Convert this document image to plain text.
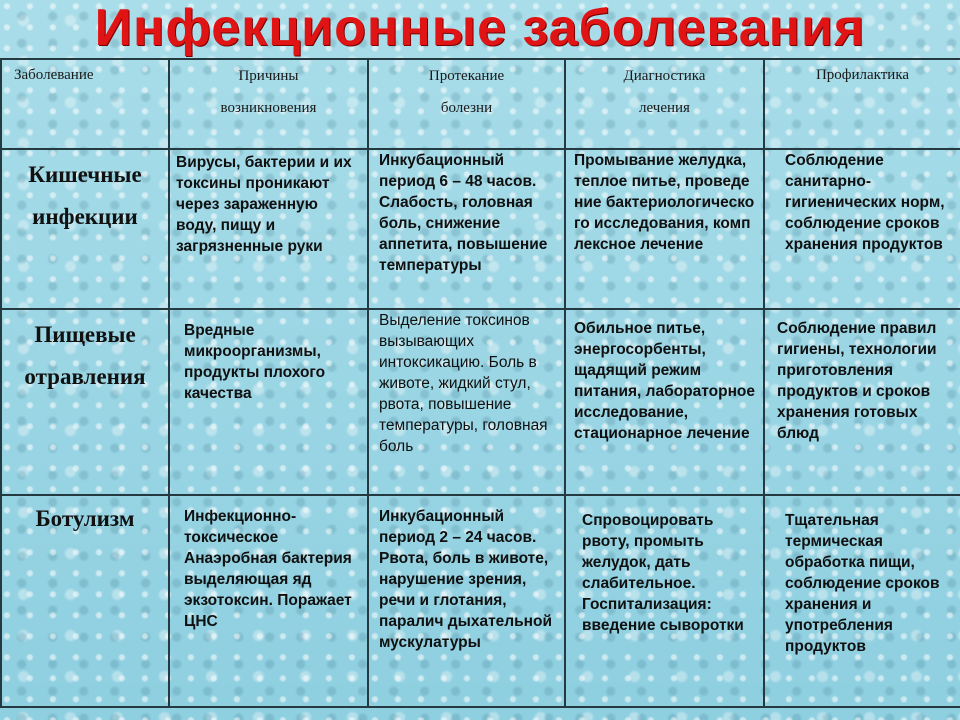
Инфекционные заболевания
Заболевание	Причины возникновения	Протекание болезни	Диагностика лечения	Профилактика

Кишечные инфекции	Вирусы, бактерии и их токсины проникают через зараженную воду, пищу и загрязненные руки	Инкубационный период 6 – 48 часов. Слабость, головная боль, снижение аппетита, повышение температуры	Промывание желудка, теплое питье, проведение бактериологического исследования, комплексное лечение	Соблюдение санитарно-гигиенических норм, соблюдение сроков хранения продуктов

Пищевые отравления	Вредные микроорганизмы, продукты плохого качества	Выделение токсинов вызывающих интоксикацию. Боль в животе, жидкий стул, рвота, повышение температуры, головная боль	Обильное питье, энергосорбенты, щадящий режим питания, лабораторное исследование, стационарное лечение	Соблюдение правил гигиены, технологии приготовления продуктов и сроков хранения готовых блюд

Ботулизм	Инфекционно-токсическое Анаэробная бактерия выделяющая яд экзотоксин. Поражает ЦНС	Инкубационный период 2 – 24 часов. Рвота, боль в животе, нарушение зрения, речи и глотания, паралич дыхательной мускулатуры	Спровоцировать рвоту, промыть желудок, дать слабительное. Госпитализация: введение сыворотки	Тщательная термическая обработка пищи, соблюдение сроков хранения и употребления продуктов
